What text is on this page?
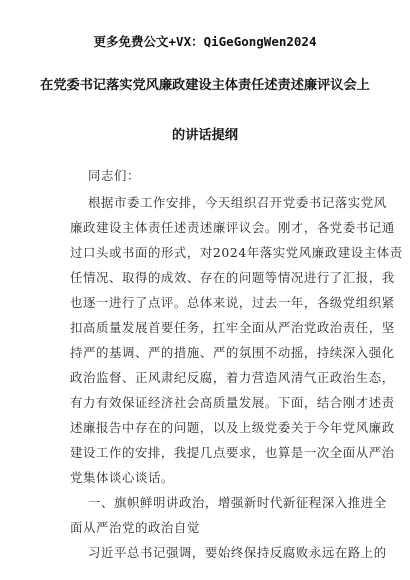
更多免费公文+VX：QiGeGongWen2024
在党委书记落实党风廉政建设主体责任述责述廉评议会上
的讲话提纲
同志们：
根据市委工作安排，今天组织召开党委书记落实党风
廉政建设主体责任述责述廉评议会。刚才，各党委书记通
过口头或书面的形式，对2024年落实党风廉政建设主体责
任情况、取得的成效、存在的问题等情况进行了汇报，我
也逐一进行了点评。总体来说，过去一年，各级党组织紧
扣高质量发展首要任务，扛牢全面从严治党政治责任，坚
持严的基调、严的措施、严的氛围不动摇，持续深入强化
政治监督、正风肃纪反腐，着力营造风清气正政治生态，
有力有效保证经济社会高质量发展。下面，结合刚才述责
述廉报告中存在的问题，以及上级党委关于今年党风廉政
建设工作的安排，我提几点要求，也算是一次全面从严治
党集体谈心谈话。
一、旗帜鲜明讲政治，增强新时代新征程深入推进全
面从严治党的政治自觉
习近平总书记强调，要始终保持反腐败永远在路上的
